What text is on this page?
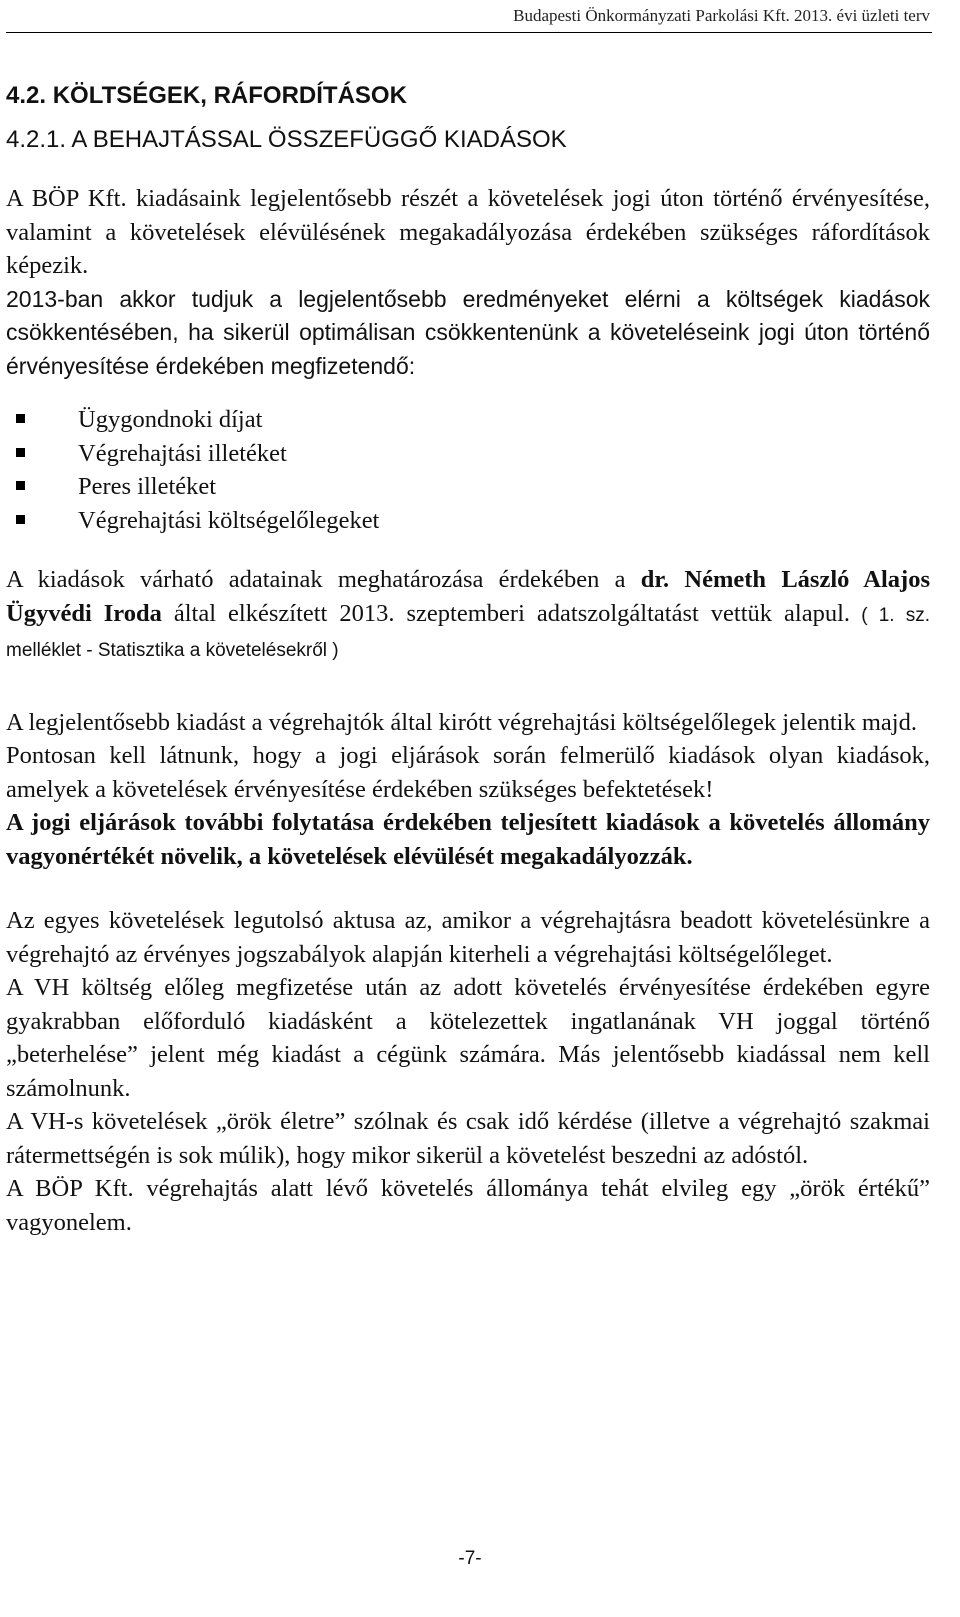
Budapesti Önkormányzati Parkolási Kft. 2013. évi üzleti terv
4.2. KÖLTSÉGEK, RÁFORDÍTÁSOK
4.2.1. A BEHAJTÁSSAL ÖSSZEFÜGGŐ KIADÁSOK

A BÖP Kft. kiadásaink legjelentősebb részét a követelések jogi úton történő érvényesítése, valamint a követelések elévülésének megakadályozása érdekében szükséges ráfordítások képezik.

2013-ban akkor tudjuk a legjelentősebb eredményeket elérni a költségek kiadások csökkentésében, ha sikerül optimálisan csökkentenünk a követeléseink jogi úton történő érvényesítése érdekében megfizetendő:

Ügygondnoki díjat
Végrehajtási illetéket
Peres illetéket
Végrehajtási költségelőlegeket

A kiadások várható adatainak meghatározása érdekében a dr. Németh László Alajos Ügyvédi Iroda által elkészített 2013. szeptemberi adatszolgáltatást vettük alapul. ( 1. sz. melléklet - Statisztika a követelésekről )

A legjelentősebb kiadást a végrehajtók által kirótt végrehajtási költségelőlegek jelentik majd.

Pontosan kell látnunk, hogy a jogi eljárások során felmerülő kiadások olyan kiadások, amelyek a követelések érvényesítése érdekében szükséges befektetések!

A jogi eljárások további folytatása érdekében teljesített kiadások a követelés állomány vagyonértékét növelik, a követelések elévülését megakadályozzák.

Az egyes követelések legutolsó aktusa az, amikor a végrehajtásra beadott követelésünkre a végrehajtó az érvényes jogszabályok alapján kiterheli a végrehajtási költségelőleget.

A VH költség előleg megfizetése után az adott követelés érvényesítése érdekében egyre gyakrabban előforduló kiadásként a kötelezettek ingatlanának VH joggal történő „beterhelése” jelent még kiadást a cégünk számára. Más jelentősebb kiadással nem kell számolnunk.

A VH-s követelések „örök életre” szólnak és csak idő kérdése (illetve a végrehajtó szakmai rátermettségén is sok múlik), hogy mikor sikerül a követelést beszedni az adóstól.

A BÖP Kft. végrehajtás alatt lévő követelés állománya tehát elvileg egy „örök értékű” vagyonelem.

-7-
